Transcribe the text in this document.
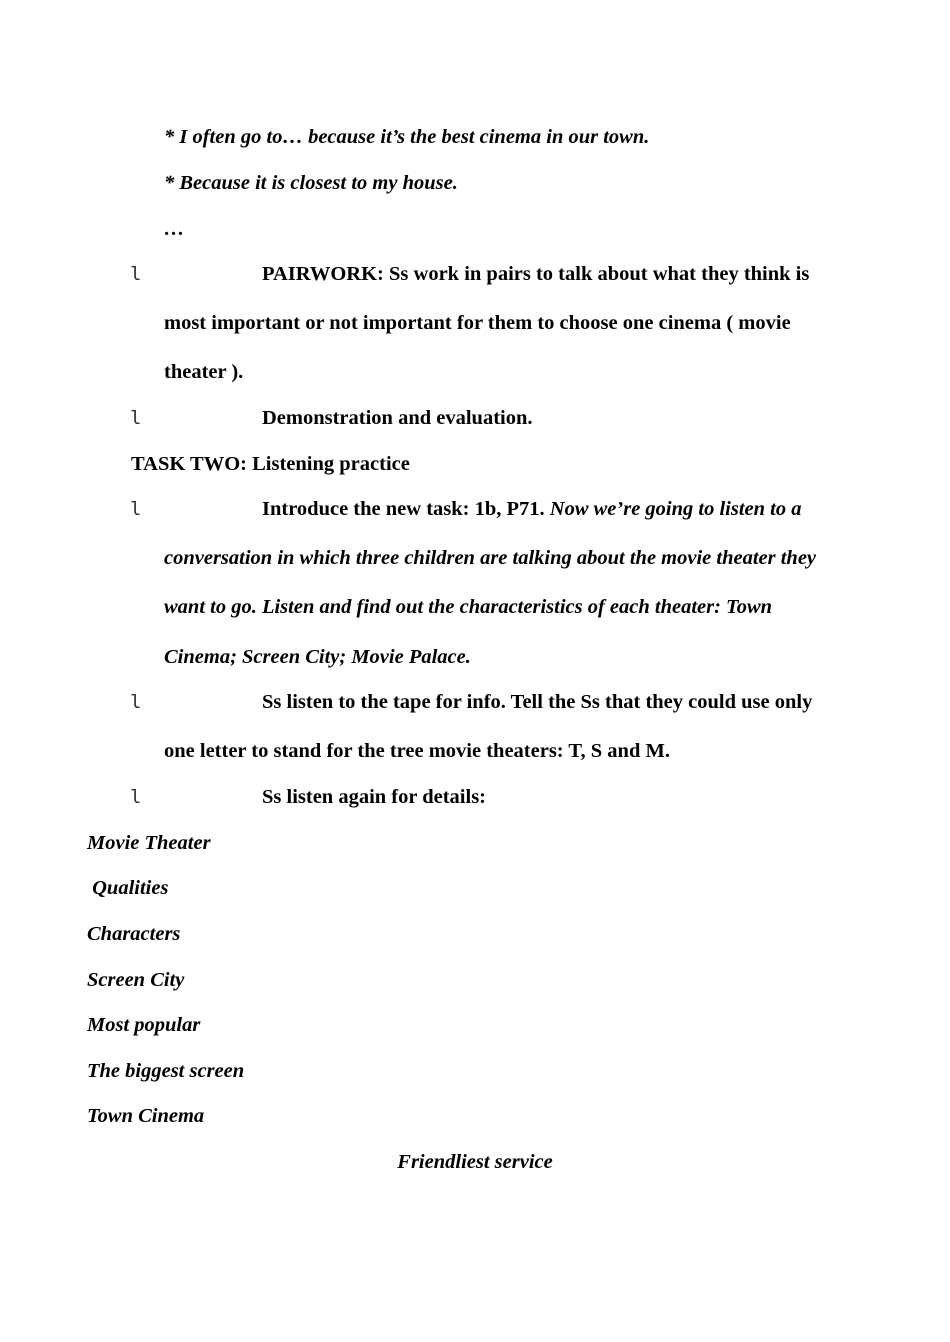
* I often go to… because it’s the best cinema in our town.
* Because it is closest to my house.
…
l	PAIRWORK: Ss work in pairs to talk about what they think is
most important or not important for them to choose one cinema ( movie
theater ).
l	Demonstration and evaluation.
TASK TWO: Listening practice
l	Introduce the new task: 1b, P71. Now we’re going to listen to a
conversation in which three children are talking about the movie theater they
want to go. Listen and find out the characteristics of each theater: Town
Cinema; Screen City; Movie Palace.
l	Ss listen to the tape for info. Tell the Ss that they could use only
one letter to stand for the tree movie theaters: T, S and M.
l	Ss listen again for details:
Movie Theater
Qualities
Characters
Screen City
Most popular
The biggest screen
Town Cinema
Friendliest service
